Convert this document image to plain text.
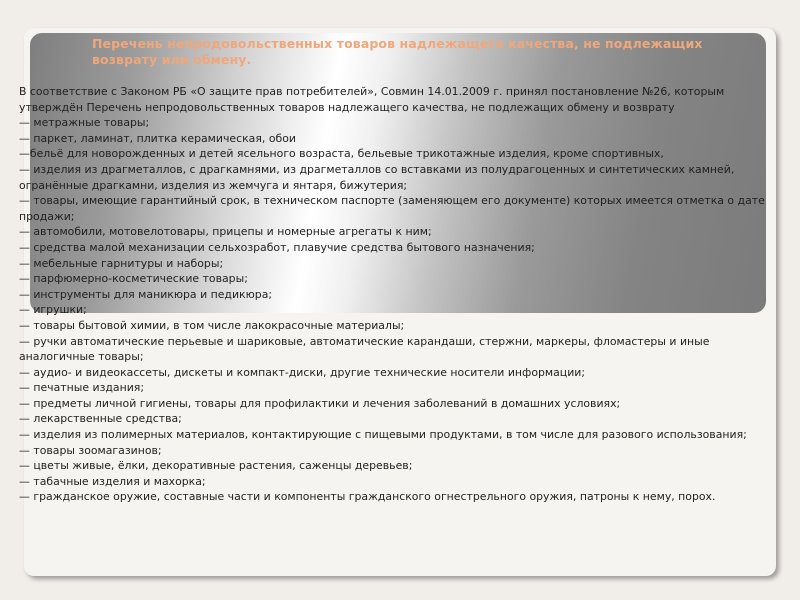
Перечень непродовольственных товаров надлежащего качества, не подлежащих возврату или обмену.
В соответствие с Законом РБ «О защите прав потребителей», Совмин 14.01.2009 г. принял постановление №26, которым утверждён Перечень непродовольственных товаров надлежащего качества, не подлежащих обмену и возврату
— метражные товары;
— паркет, ламинат, плитка керамическая, обои
—бельё для новорожденных и детей ясельного возраста, бельевые трикотажные изделия, кроме спортивных,
— изделия из драгметаллов, с драгкамнями, из драгметаллов со вставками из полудрагоценных и синтетических камней, огранённые драгкамни, изделия из жемчуга и янтаря, бижутерия;
— товары, имеющие гарантийный срок, в техническом паспорте (заменяющем его документе) которых имеется отметка о дате продажи;
— автомобили, мотовелотовары, прицепы и номерные агрегаты к ним;
— средства малой механизации сельхозработ, плавучие средства бытового назначения;
— мебельные гарнитуры и наборы;
— парфюмерно-косметические товары;
— инструменты для маникюра и педикюра;
— игрушки;
— товары бытовой химии, в том числе лакокрасочные материалы;
— ручки автоматические перьевые и шариковые, автоматические карандаши, стержни, маркеры, фломастеры и иные аналогичные товары;
— аудио- и видеокассеты, дискеты и компакт-диски, другие технические носители информации;
— печатные издания;
— предметы личной гигиены, товары для профилактики и лечения заболеваний в домашних условиях;
— лекарственные средства;
— изделия из полимерных материалов, контактирующие с пищевыми продуктами, в том числе для разового использования;
— товары зоомагазинов;
— цветы живые, ёлки, декоративные растения, саженцы деревьев;
— табачные изделия и махорка;
— гражданское оружие, составные части и компоненты гражданского огнестрельного оружия, патроны к нему, порох.
